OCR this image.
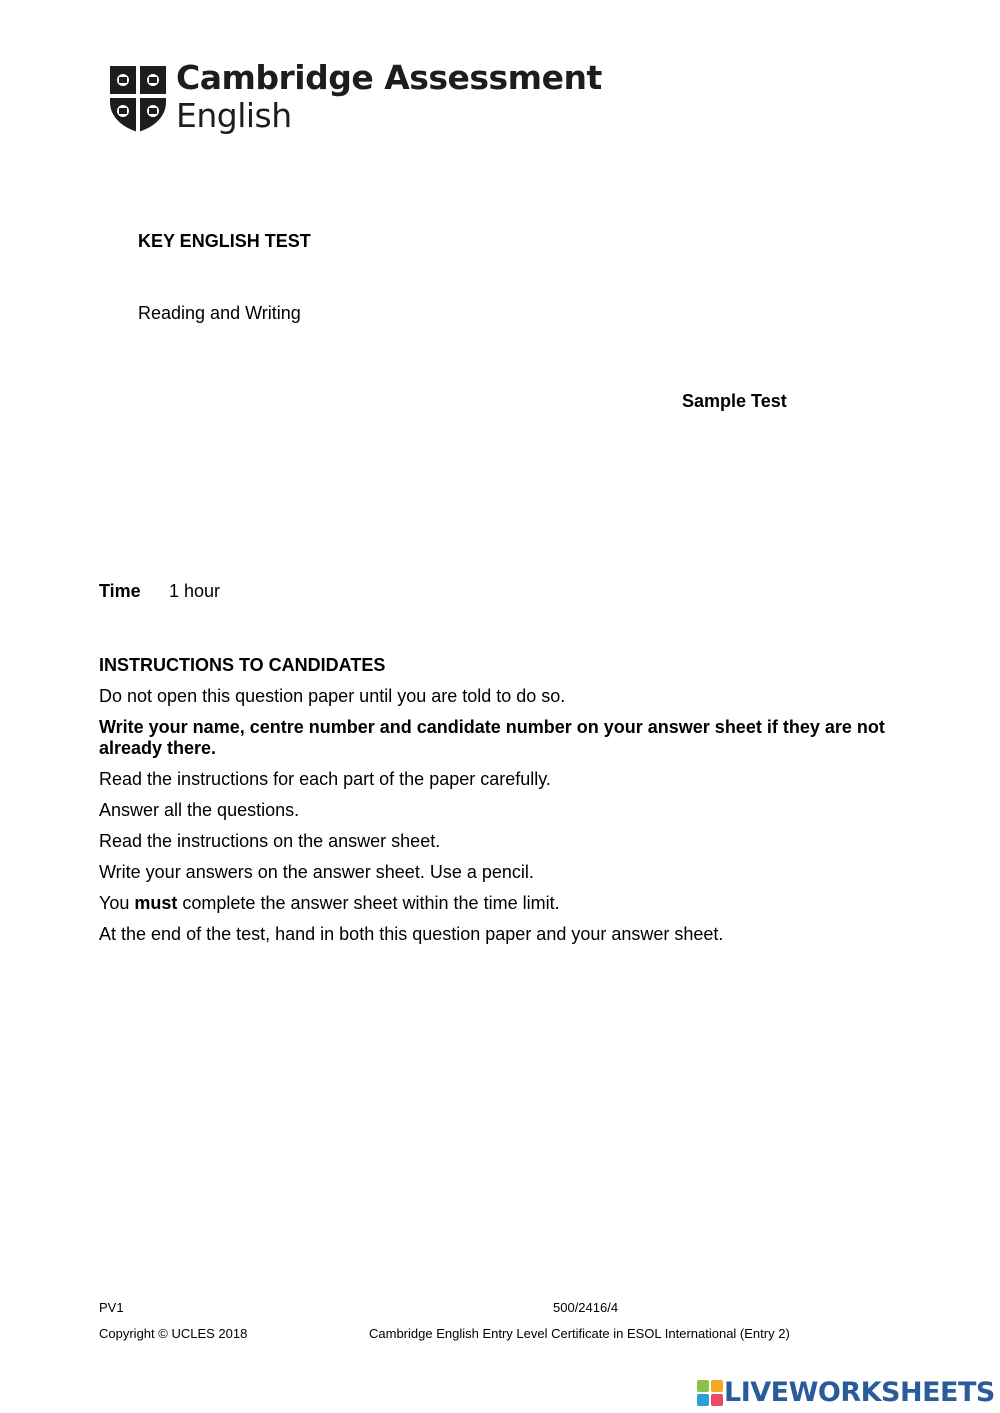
Cambridge Assessment
English
KEY ENGLISH TEST
Reading and Writing
Sample Test
Time 1 hour

INSTRUCTIONS TO CANDIDATES

Do not open this question paper until you are told to do so.

Write your name, centre number and candidate number on your answer sheet if they are not already there.

Read the instructions for each part of the paper carefully.

Answer all the questions.

Read the instructions on the answer sheet.

Write your answers on the answer sheet. Use a pencil.

You must complete the answer sheet within the time limit.

At the end of the test, hand in both this question paper and your answer sheet.

PV1	500/2416/4
Copyright © UCLES 2018	Cambridge English Entry Level Certificate in ESOL International (Entry 2)
LIVEWORKSHEETS
